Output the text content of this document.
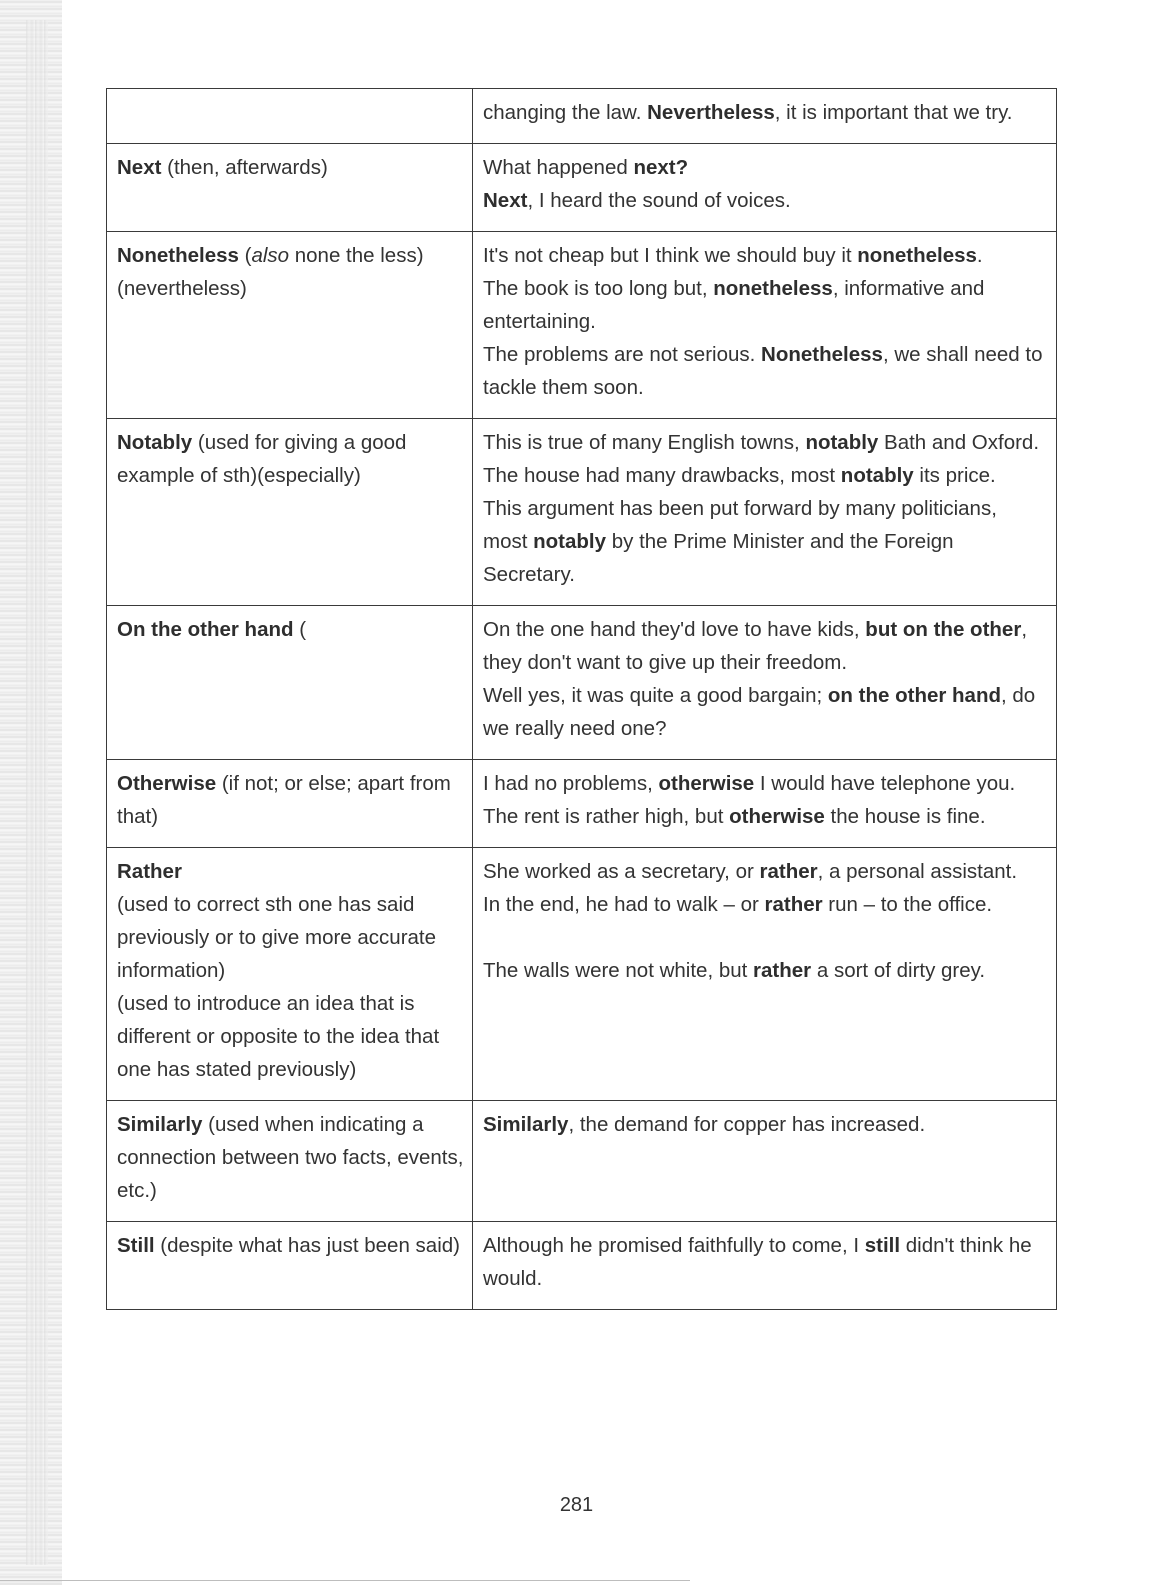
	changing the law. Nevertheless, it is important that we try.

Next (then, afterwards)	What happened next?
Next, I heard the sound of voices.

Nonetheless (also none the less) (nevertheless)	It's not cheap but I think we should buy it nonetheless.
The book is too long but, nonetheless, informative and entertaining.
The problems are not serious. Nonetheless, we shall need to tackle them soon.

Notably (used for giving a good example of sth)(especially)	This is true of many English towns, notably Bath and Oxford.
The house had many drawbacks, most notably its price.
This argument has been put forward by many politicians, most notably by the Prime Minister and the Foreign Secretary.

On the other hand (	On the one hand they'd love to have kids, but on the other, they don't want to give up their freedom.
Well yes, it was quite a good bargain; on the other hand, do we really need one?

Otherwise (if not; or else; apart from that)	I had no problems, otherwise I would have telephone you.
The rent is rather high, but otherwise the house is fine.

Rather
(used to correct sth one has said previously or to give more accurate information)
(used to introduce an idea that is different or opposite to the idea that one has stated previously)	She worked as a secretary, or rather, a personal assistant.
In the end, he had to walk – or rather run – to the office.
The walls were not white, but rather a sort of dirty grey.

Similarly (used when indicating a connection between two facts, events, etc.)	Similarly, the demand for copper has increased.

Still (despite what has just been said)	Although he promised faithfully to come, I still didn't think he would.
281
